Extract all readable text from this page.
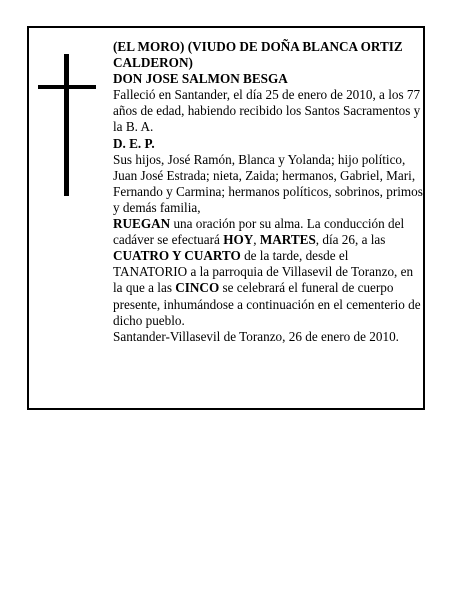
(EL MORO) (VIUDO DE DOÑA BLANCA ORTIZ

CALDERON)

DON JOSE SALMON BESGA

Falleció en Santander, el día 25 de enero de 2010, a los 77 años de edad, habiendo recibido los Santos Sacramentos y la B. A.

D. E. P.

Sus hijos, José Ramón, Blanca y Yolanda; hijo político, Juan José Estrada; nieta, Zaida; hermanos, Gabriel, Mari, Fernando y Carmina; hermanos políticos, sobrinos, primos y demás familia,

RUEGAN una oración por su alma. La conducción del cadáver se efectuará HOY, MARTES, día 26, a las CUATRO Y CUARTO de la tarde, desde el TANATORIO a la parroquia de Villasevil de Toranzo, en la que a las CINCO se celebrará el funeral de cuerpo presente, inhumándose a continuación en el cementerio de dicho pueblo.

Santander-Villasevil de Toranzo, 26 de enero de 2010.
